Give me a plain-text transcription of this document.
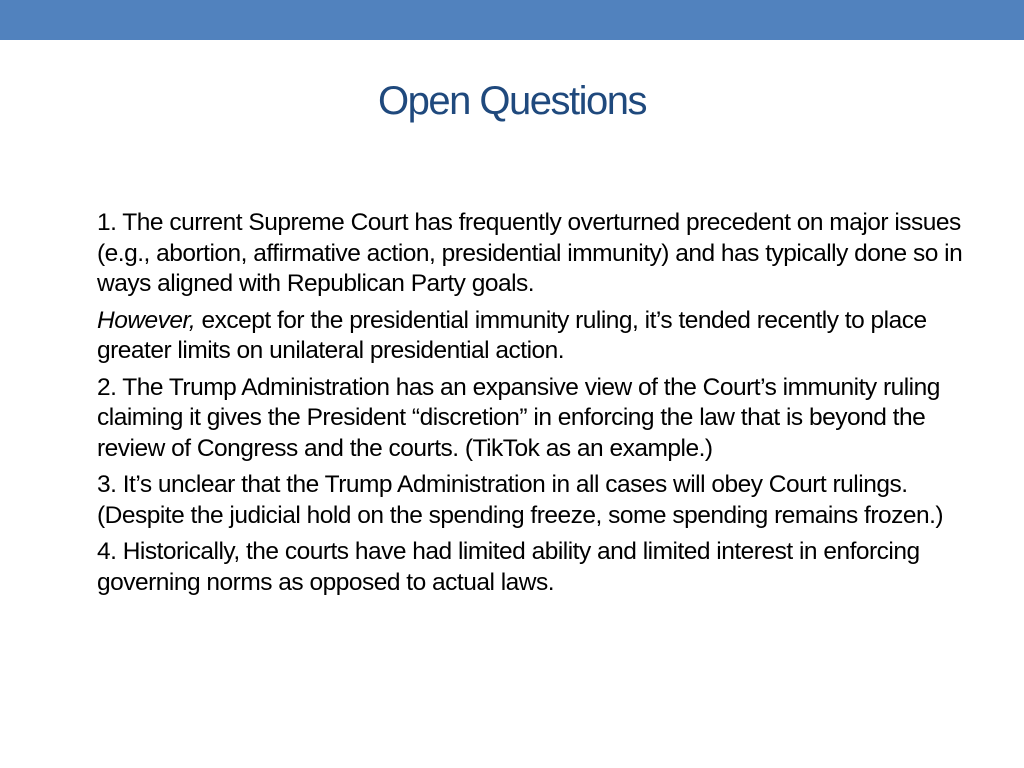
Open Questions

1. The current Supreme Court has frequently overturned precedent on major issues (e.g., abortion, affirmative action, presidential immunity) and has typically done so in ways aligned with Republican Party goals.

However, except for the presidential immunity ruling, it’s tended recently to place greater limits on unilateral presidential action.

2. The Trump Administration has an expansive view of the Court’s immunity ruling claiming it gives the President “discretion” in enforcing the law that is beyond the review of Congress and the courts. (TikTok as an example.)

3. It’s unclear that the Trump Administration in all cases will obey Court rulings. (Despite the judicial hold on the spending freeze, some spending remains frozen.)

4. Historically, the courts have had limited ability and limited interest in enforcing governing norms as opposed to actual laws.
